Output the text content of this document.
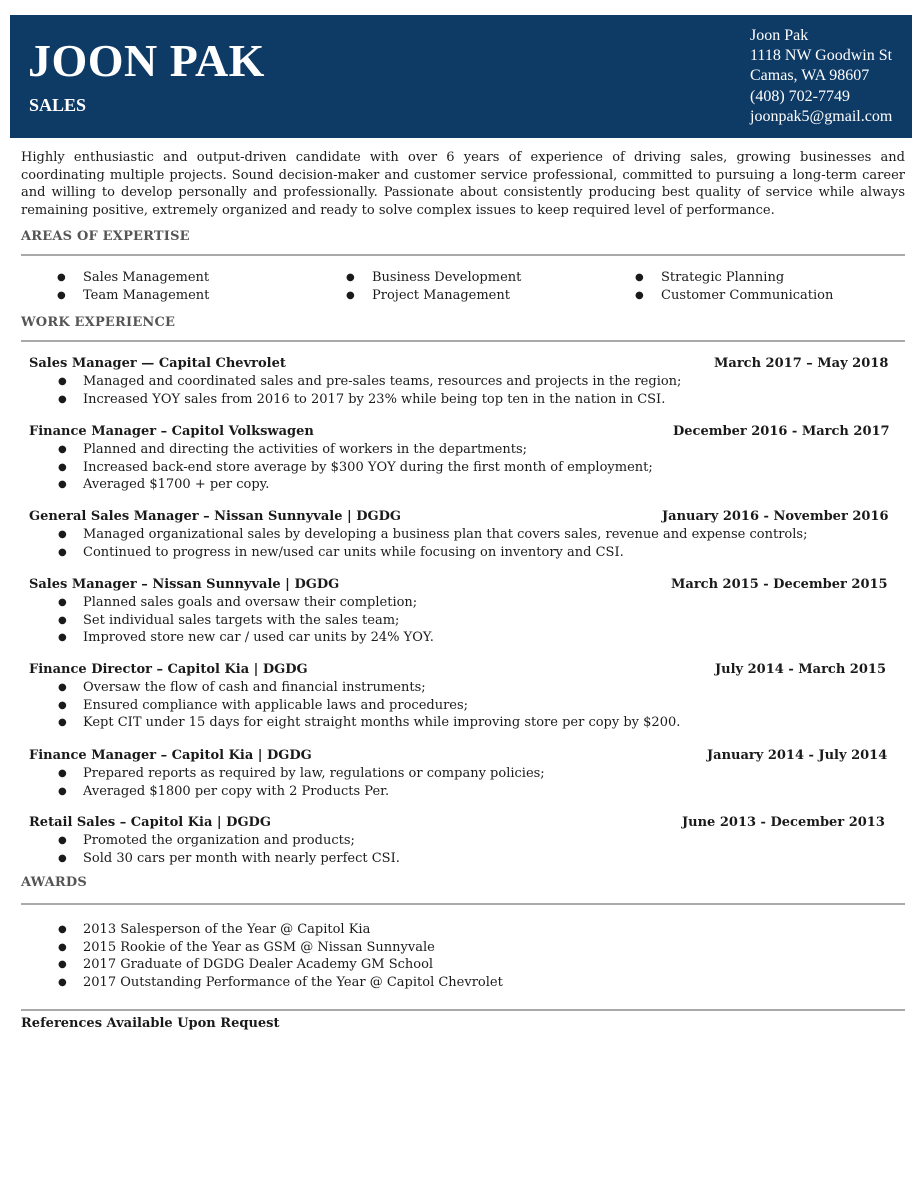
JOON PAK
SALES
Joon Pak
1118 NW Goodwin St
Camas, WA 98607
(408) 702-7749
joonpak5@gmail.com

Highly enthusiastic and output-driven candidate with over 6 years of experience of driving sales, growing businesses and coordinating multiple projects. Sound decision-maker and customer service professional, committed to pursuing a long-term career and willing to develop personally and professionally. Passionate about consistently producing best quality of service while always remaining positive, extremely organized and ready to solve complex issues to keep required level of performance.

AREAS OF EXPERTISE
● Sales Management
● Team Management
● Business Development
● Project Management
● Strategic Planning
● Customer Communication
WORK EXPERIENCE
Sales Manager — Capital Chevrolet	March 2017 – May 2018
● Managed and coordinated sales and pre-sales teams, resources and projects in the region;
● Increased YOY sales from 2016 to 2017 by 23% while being top ten in the nation in CSI.
Finance Manager – Capitol Volkswagen	December 2016 - March 2017
● Planned and directing the activities of workers in the departments;
● Increased back-end store average by $300 YOY during the first month of employment;
● Averaged $1700 + per copy.
General Sales Manager – Nissan Sunnyvale | DGDG	January 2016 - November 2016
● Managed organizational sales by developing a business plan that covers sales, revenue and expense controls;
● Continued to progress in new/used car units while focusing on inventory and CSI.
Sales Manager – Nissan Sunnyvale | DGDG	March 2015 - December 2015
● Planned sales goals and oversaw their completion;
● Set individual sales targets with the sales team;
● Improved store new car / used car units by 24% YOY.
Finance Director – Capitol Kia | DGDG	July 2014 - March 2015
● Oversaw the flow of cash and financial instruments;
● Ensured compliance with applicable laws and procedures;
● Kept CIT under 15 days for eight straight months while improving store per copy by $200.
Finance Manager – Capitol Kia | DGDG	January 2014 - July 2014
● Prepared reports as required by law, regulations or company policies;
● Averaged $1800 per copy with 2 Products Per.
Retail Sales – Capitol Kia | DGDG	June 2013 - December 2013
● Promoted the organization and products;
● Sold 30 cars per month with nearly perfect CSI.
AWARDS
● 2013 Salesperson of the Year @ Capitol Kia
● 2015 Rookie of the Year as GSM @ Nissan Sunnyvale
● 2017 Graduate of DGDG Dealer Academy GM School
● 2017 Outstanding Performance of the Year @ Capitol Chevrolet
References Available Upon Request
